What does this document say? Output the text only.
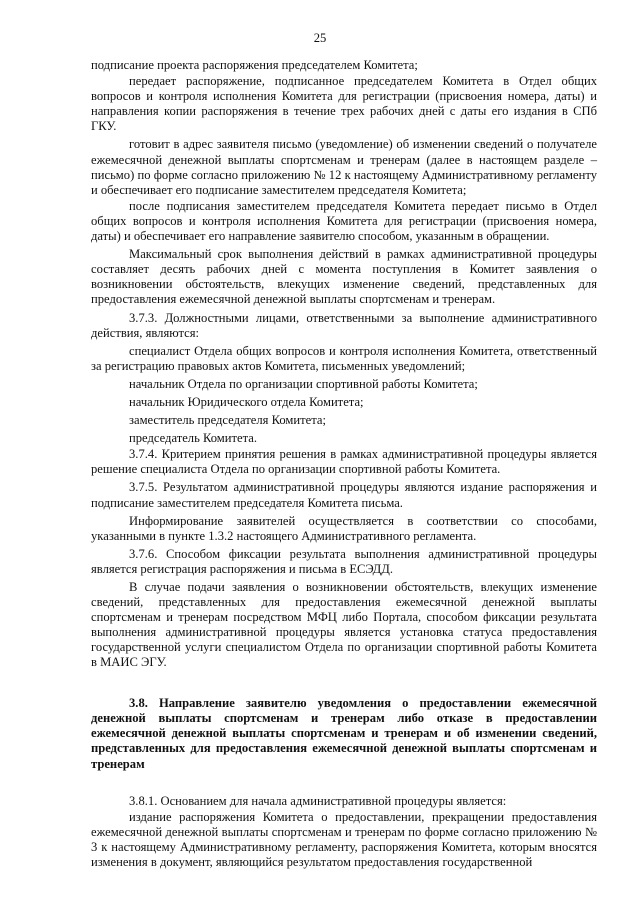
25

подписание проекта распоряжения председателем Комитета;

передает распоряжение, подписанное председателем Комитета в Отдел общих вопросов и контроля исполнения Комитета для регистрации (присвоения номера, даты) и направления копии распоряжения в течение трех рабочих дней с даты его издания в СПб ГКУ.

готовит в адрес заявителя письмо (уведомление) об изменении сведений о получателе ежемесячной денежной выплаты спортсменам и тренерам (далее в настоящем разделе – письмо) по форме согласно приложению № 12 к настоящему Административному регламенту и обеспечивает его подписание заместителем председателя Комитета;

после подписания заместителем председателя Комитета передает письмо в Отдел общих вопросов и контроля исполнения Комитета для регистрации (присвоения номера, даты) и обеспечивает его направление заявителю способом, указанным в обращении.

Максимальный срок выполнения действий в рамках административной процедуры составляет десять рабочих дней с момента поступления в Комитет заявления о возникновении обстоятельств, влекущих изменение сведений, представленных для предоставления ежемесячной денежной выплаты спортсменам и тренерам.

3.7.3. Должностными лицами, ответственными за выполнение административного действия, являются:

специалист Отдела общих вопросов и контроля исполнения Комитета, ответственный за регистрацию правовых актов Комитета, письменных уведомлений;

начальник Отдела по организации спортивной работы Комитета;

начальник Юридического отдела Комитета;

заместитель председателя Комитета;

председатель Комитета.

3.7.4. Критерием принятия решения в рамках административной процедуры является решение специалиста Отдела по организации спортивной работы Комитета.

3.7.5. Результатом административной процедуры являются издание распоряжения и подписание заместителем председателя Комитета письма.

Информирование заявителей осуществляется в соответствии со способами, указанными в пункте 1.3.2 настоящего Административного регламента.

3.7.6. Способом фиксации результата выполнения административной процедуры является регистрация распоряжения и письма в ЕСЭДД.

В случае подачи заявления о возникновении обстоятельств, влекущих изменение сведений, представленных для предоставления ежемесячной денежной выплаты спортсменам и тренерам посредством МФЦ либо Портала, способом фиксации результата выполнения административной процедуры является установка статуса предоставления государственной услуги специалистом Отдела по организации спортивной работы Комитета в МАИС ЭГУ.

3.8. Направление заявителю уведомления о предоставлении ежемесячной денежной выплаты спортсменам и тренерам либо отказе в предоставлении ежемесячной денежной выплаты спортсменам и тренерам и об изменении сведений, представленных для предоставления ежемесячной денежной выплаты спортсменам и тренерам

3.8.1. Основанием для начала административной процедуры является:

издание распоряжения Комитета о предоставлении, прекращении предоставления ежемесячной денежной выплаты спортсменам и тренерам по форме согласно приложению № 3 к настоящему Административному регламенту, распоряжения Комитета, которым вносятся изменения в документ, являющийся результатом предоставления государственной
